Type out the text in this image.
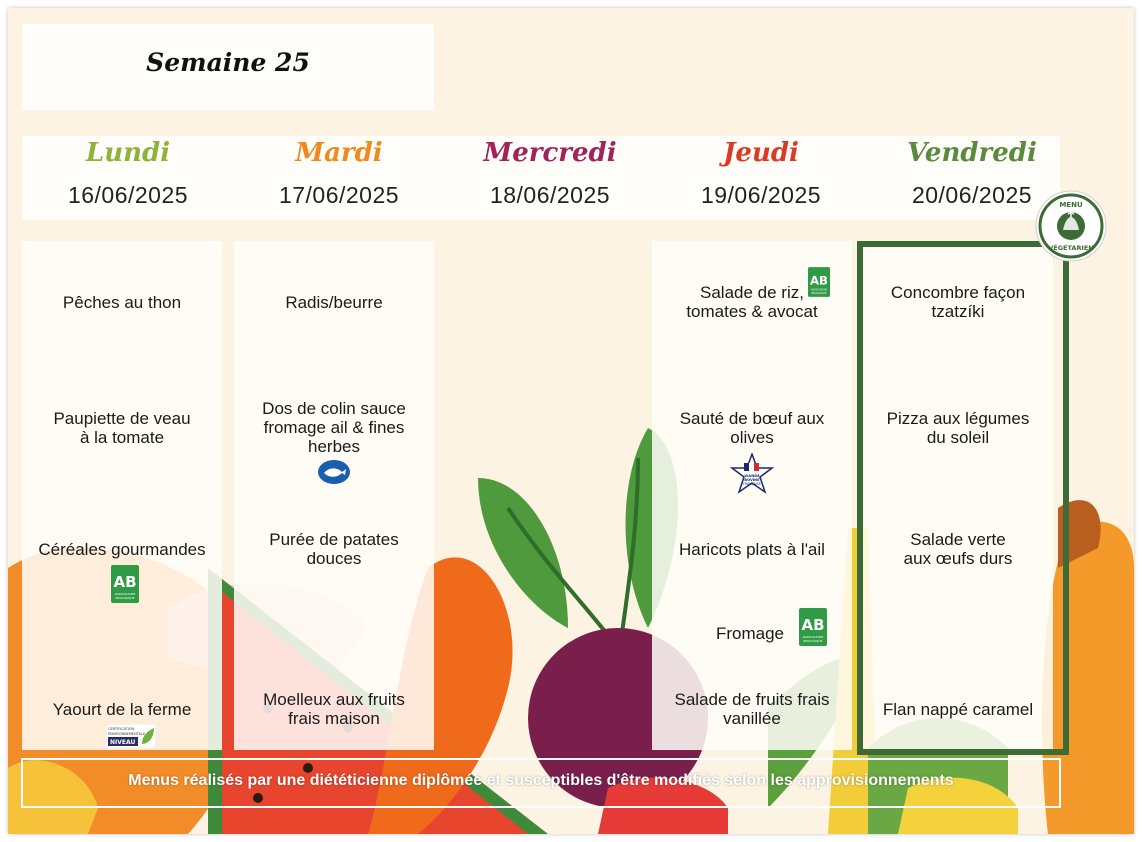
Semaine 25
Lundi
16/06/2025
Mardi
17/06/2025
Mercredi
18/06/2025
Jeudi
19/06/2025
Vendredi
20/06/2025
Pêches au thon
Paupiette de veau
à la tomate
Céréales gourmandes
AB
AGRICULTURE
BIOLOGIQUE
Yaourt de la ferme
CERTIFICATION
ENVIRONNEMENTALE
NIVEAU 2
Radis/beurre
Dos de colin sauce
fromage ail & fines
herbes
Purée de patates
douces
Moelleux aux fruits
frais maison
Salade de riz,
tomates & avocat
AB
AGRICULTURE
BIOLOGIQUE
Sauté de bœuf aux
olives
VIANDE
BOVINE
FRANÇAISE
Haricots plats à l'ail
Fromage	AB
AGRICULTURE
BIOLOGIQUE
Salade de fruits frais
vanillée
Concombre façon
tzatzíki
Pizza aux légumes
du soleil
Salade verte
aux œufs durs
Flan nappé caramel
MENU
VÉGÉTARIEN
Menus réalisés par une diététicienne diplômée et susceptibles d'être modifiés selon les approvisionnements
